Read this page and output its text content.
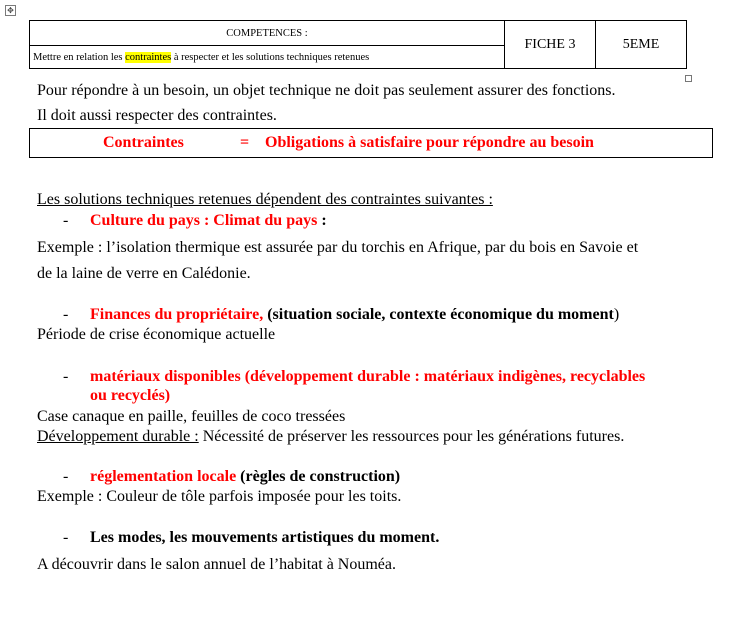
✥
COMPETENCES :	FICHE 3	5EME
Mettre en relation les contraintes à respecter et les solutions techniques retenues
Pour répondre à un besoin, un objet technique ne doit pas seulement assurer des fonctions.
Il doit aussi respecter des contraintes.
Contraintes	= Obligations à satisfaire pour répondre au besoin
Les solutions techniques retenues dépendent des contraintes suivantes :
- Culture du pays : Climat du pays :
Exemple : l’isolation thermique est assurée par du torchis en Afrique, par du bois en Savoie et
de la laine de verre en Calédonie.
- Finances du propriétaire, (situation sociale, contexte économique du moment)
Période de crise économique actuelle
- matériaux disponibles (développement durable : matériaux indigènes, recyclables
ou recyclés)
Case canaque en paille, feuilles de coco tressées
Développement durable : Nécessité de préserver les ressources pour les générations futures.
- réglementation locale (règles de construction)
Exemple : Couleur de tôle parfois imposée pour les toits.
- Les modes, les mouvements artistiques du moment.
A découvrir dans le salon annuel de l’habitat à Nouméa.
